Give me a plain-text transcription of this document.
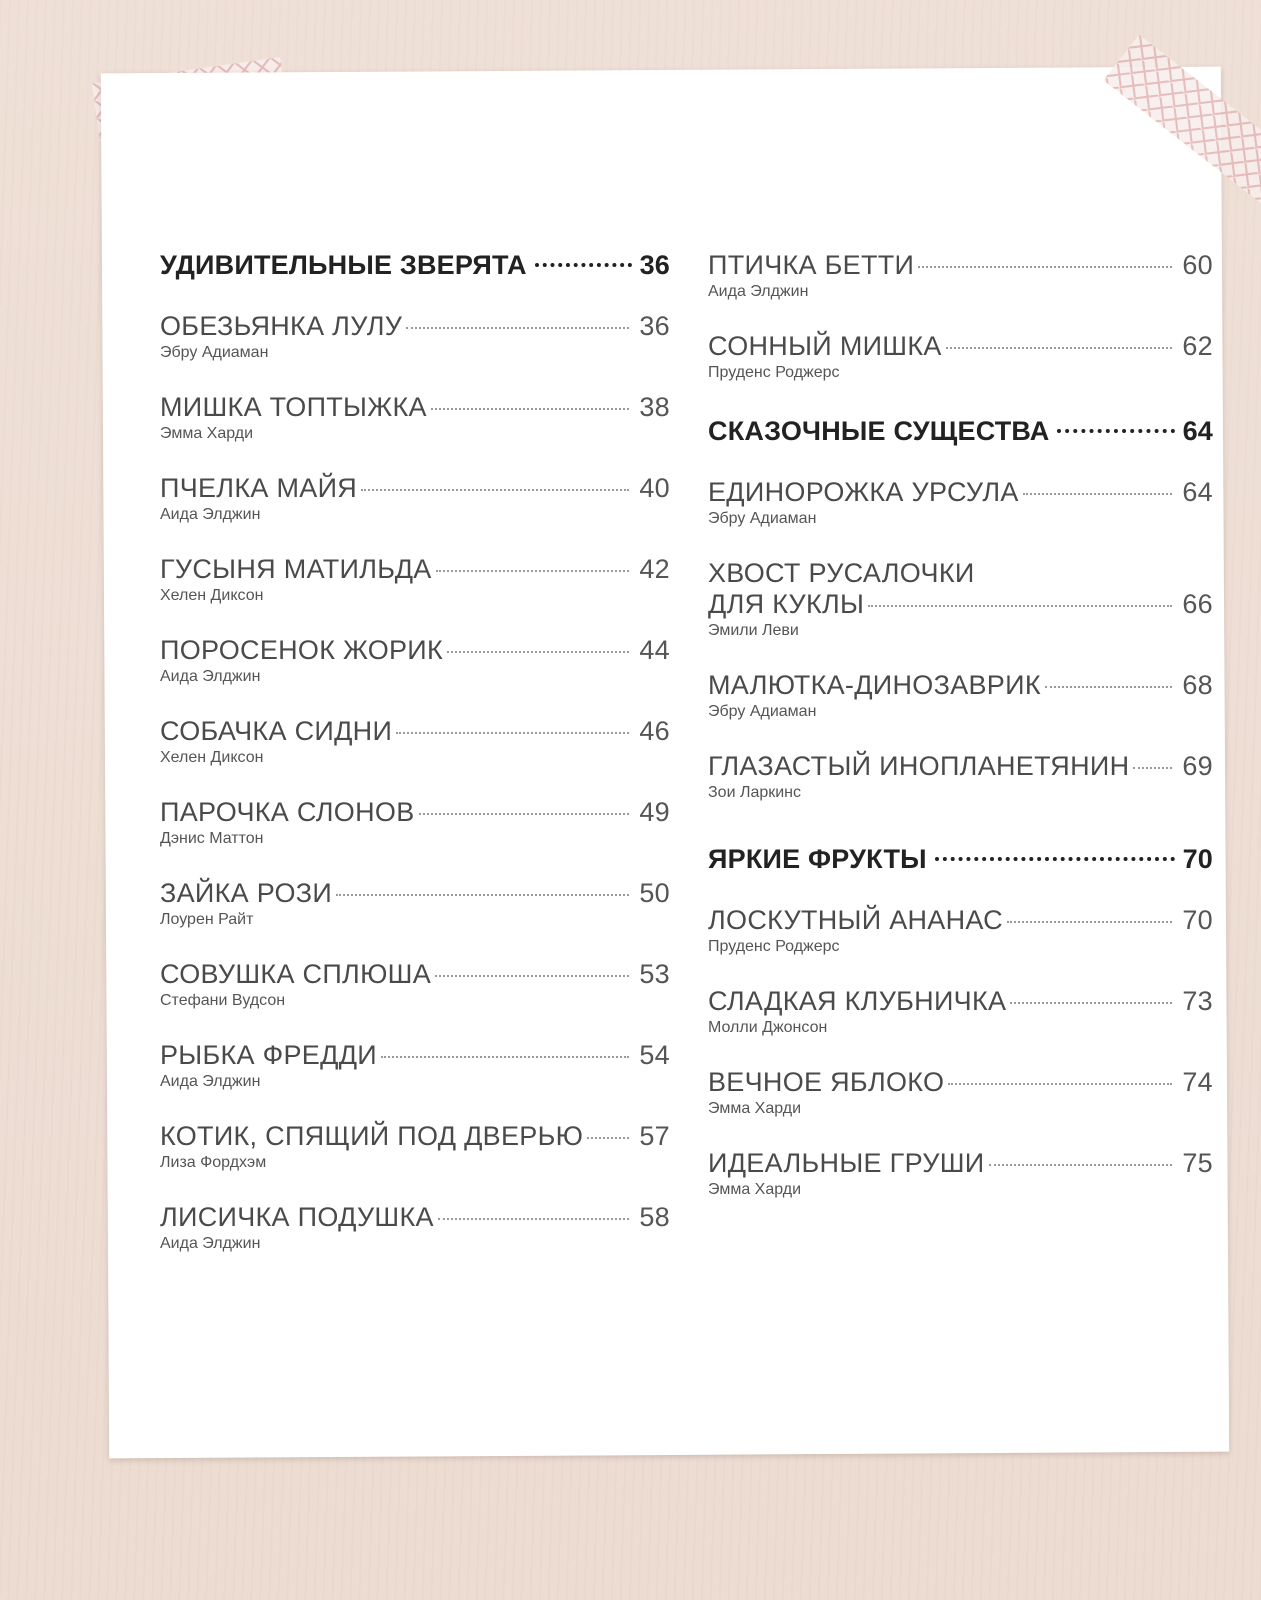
УДИВИТЕЛЬНЫЕ ЗВЕРЯТА	36
ОБЕЗЬЯНКА ЛУЛУ	36
Эбру Адиаман
МИШКА ТОПТЫЖКА	38
Эмма Харди
ПЧЕЛКА МАЙЯ	40
Аида Элджин
ГУСЫНЯ МАТИЛЬДА	42
Хелен Диксон
ПОРОСЕНОК ЖОРИК	44
Аида Элджин
СОБАЧКА СИДНИ	46
Хелен Диксон
ПАРОЧКА СЛОНОВ	49
Дэнис Маттон
ЗАЙКА РОЗИ	50
Лоурен Райт
СОВУШКА СПЛЮША	53
Стефани Вудсон
РЫБКА ФРЕДДИ	54
Аида Элджин
КОТИК, СПЯЩИЙ ПОД ДВЕРЬЮ 57
Лиза Фордхэм
ЛИСИЧКА ПОДУШКА	58
Аида Элджин
ПТИЧКА БЕТТИ	60
Аида Элджин
СОННЫЙ МИШКА	62
Пруденс Роджерс
СКАЗОЧНЫЕ СУЩЕСТВА	64
ЕДИНОРОЖКА УРСУЛА	64
Эбру Адиаман
ХВОСТ РУСАЛОЧКИ
ДЛЯ КУКЛЫ	66
Эмили Леви
МАЛЮТКА-ДИНОЗАВРИК	68
Эбру Адиаман
ГЛАЗАСТЫЙ ИНОПЛАНЕТЯНИН 69
Зои Ларкинс
ЯРКИЕ ФРУКТЫ	70
ЛОСКУТНЫЙ АНАНАС	70
Пруденс Роджерс
СЛАДКАЯ КЛУБНИЧКА	73
Молли Джонсон
ВЕЧНОЕ ЯБЛОКО	74
Эмма Харди
ИДЕАЛЬНЫЕ ГРУШИ	75
Эмма Харди
